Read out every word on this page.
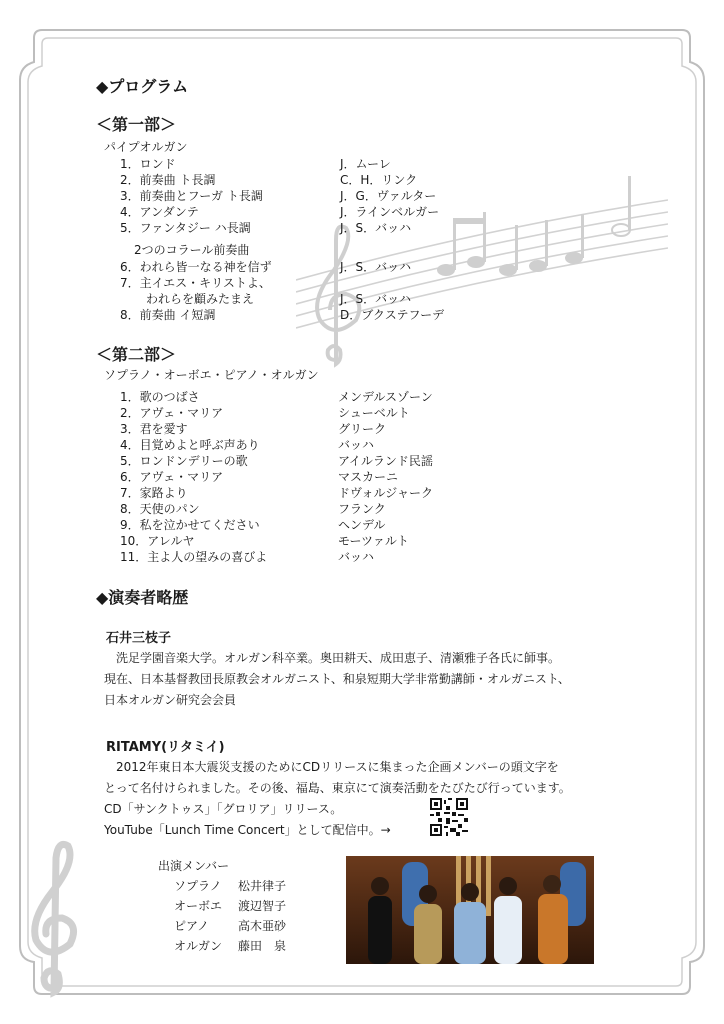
◆プログラム
＜第一部＞
パイプオルガン
1．ロンド	J．ムーレ
2．前奏曲 ト長調	C．H．リンク
3．前奏曲とフーガ ト長調	J．G．ヴァルター
4．アンダンテ	J．ラインベルガー
5．ファンタジー ハ長調	J．S．バッハ
2つのコラール前奏曲
6．われら皆一なる神を信ず	J．S．バッハ
7．主イエス・キリストよ、
われらを顧みたまえ	J．S．バッハ
8．前奏曲 イ短調	D．ブクステフーデ
＜第二部＞
ソプラノ・オーボエ・ピアノ・オルガン
1．歌のつばさ	メンデルスゾーン
2．アヴェ・マリア	シューベルト
3．君を愛す	グリーク
4．目覚めよと呼ぶ声あり	バッハ
5．ロンドンデリーの歌	アイルランド民謡
6．アヴェ・マリア	マスカーニ
7．家路より	ドヴォルジャーク
8．天使のパン	フランク
9．私を泣かせてください	ヘンデル
10．アレルヤ	モーツァルト
11．主よ人の望みの喜びよ	バッハ
◆演奏者略歴
石井三枝子
　洗足学園音楽大学。オルガン科卒業。奥田耕天、成田恵子、清瀬雅子各氏に師事。
現在、日本基督教団長原教会オルガニスト、和泉短期大学非常勤講師・オルガニスト、
日本オルガン研究会会員
RITAMY(リタミイ)
　2012年東日本大震災支援のためにCDリリースに集まった企画メンバーの頭文字を
とって名付けられました。その後、福島、東京にて演奏活動をたびたび行っています。
CD「サンクトゥス」「グロリア」リリース。
YouTube「Lunch Time Concert」として配信中。→
出演メンバー
ソプラノ 松井律子
オーボエ 渡辺智子
ピアノ 高木亜砂
オルガン 藤田　泉
